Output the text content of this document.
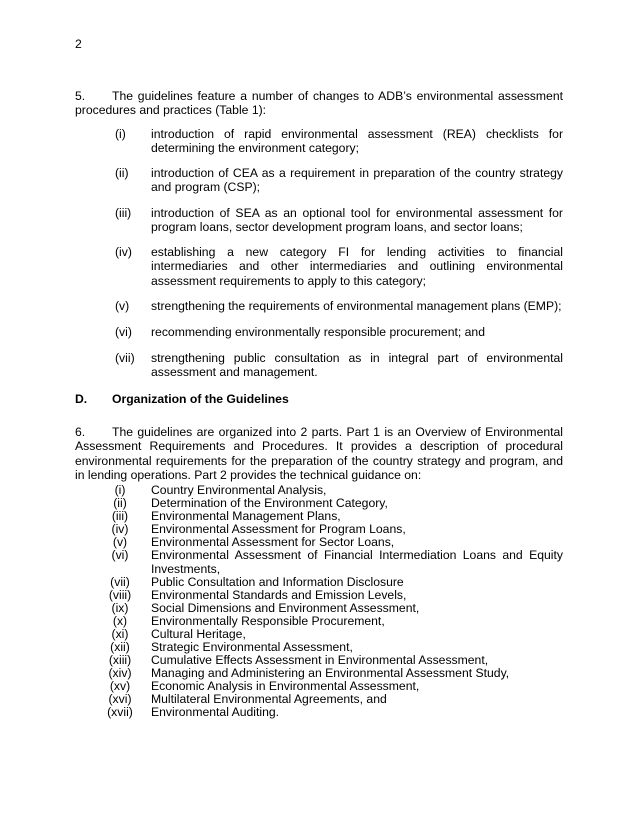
2
5. The guidelines feature a number of changes to ADB’s environmental assessment procedures and practices (Table 1):
(i) introduction of rapid environmental assessment (REA) checklists for determining the environment category;
(ii) introduction of CEA as a requirement in preparation of the country strategy and program (CSP);
(iii) introduction of SEA as an optional tool for environmental assessment for program loans, sector development program loans, and sector loans;
(iv) establishing a new category FI for lending activities to financial intermediaries and other intermediaries and outlining environmental assessment requirements to apply to this category;
(v) strengthening the requirements of environmental management plans (EMP);
(vi) recommending environmentally responsible procurement; and
(vii) strengthening public consultation as in integral part of environmental assessment and management.
D. Organization of the Guidelines
6. The guidelines are organized into 2 parts. Part 1 is an Overview of Environmental Assessment Requirements and Procedures. It provides a description of procedural environmental requirements for the preparation of the country strategy and program, and in lending operations. Part 2 provides the technical guidance on:
(i)	Country Environmental Analysis,
(ii)	Determination of the Environment Category,
(iii)	Environmental Management Plans,
(iv)	Environmental Assessment for Program Loans,
(v)	Environmental Assessment for Sector Loans,
(vi)	Environmental Assessment of Financial Intermediation Loans and Equity Investments,
(vii)	Public Consultation and Information Disclosure
(viii)	Environmental Standards and Emission Levels,
(ix)	Social Dimensions and Environment Assessment,
(x)	Environmentally Responsible Procurement,
(xi)	Cultural Heritage,
(xii)	Strategic Environmental Assessment,
(xiii)	Cumulative Effects Assessment in Environmental Assessment,
(xiv)	Managing and Administering an Environmental Assessment Study,
(xv)	Economic Analysis in Environmental Assessment,
(xvi)	Multilateral Environmental Agreements, and
(xvii)	Environmental Auditing.
